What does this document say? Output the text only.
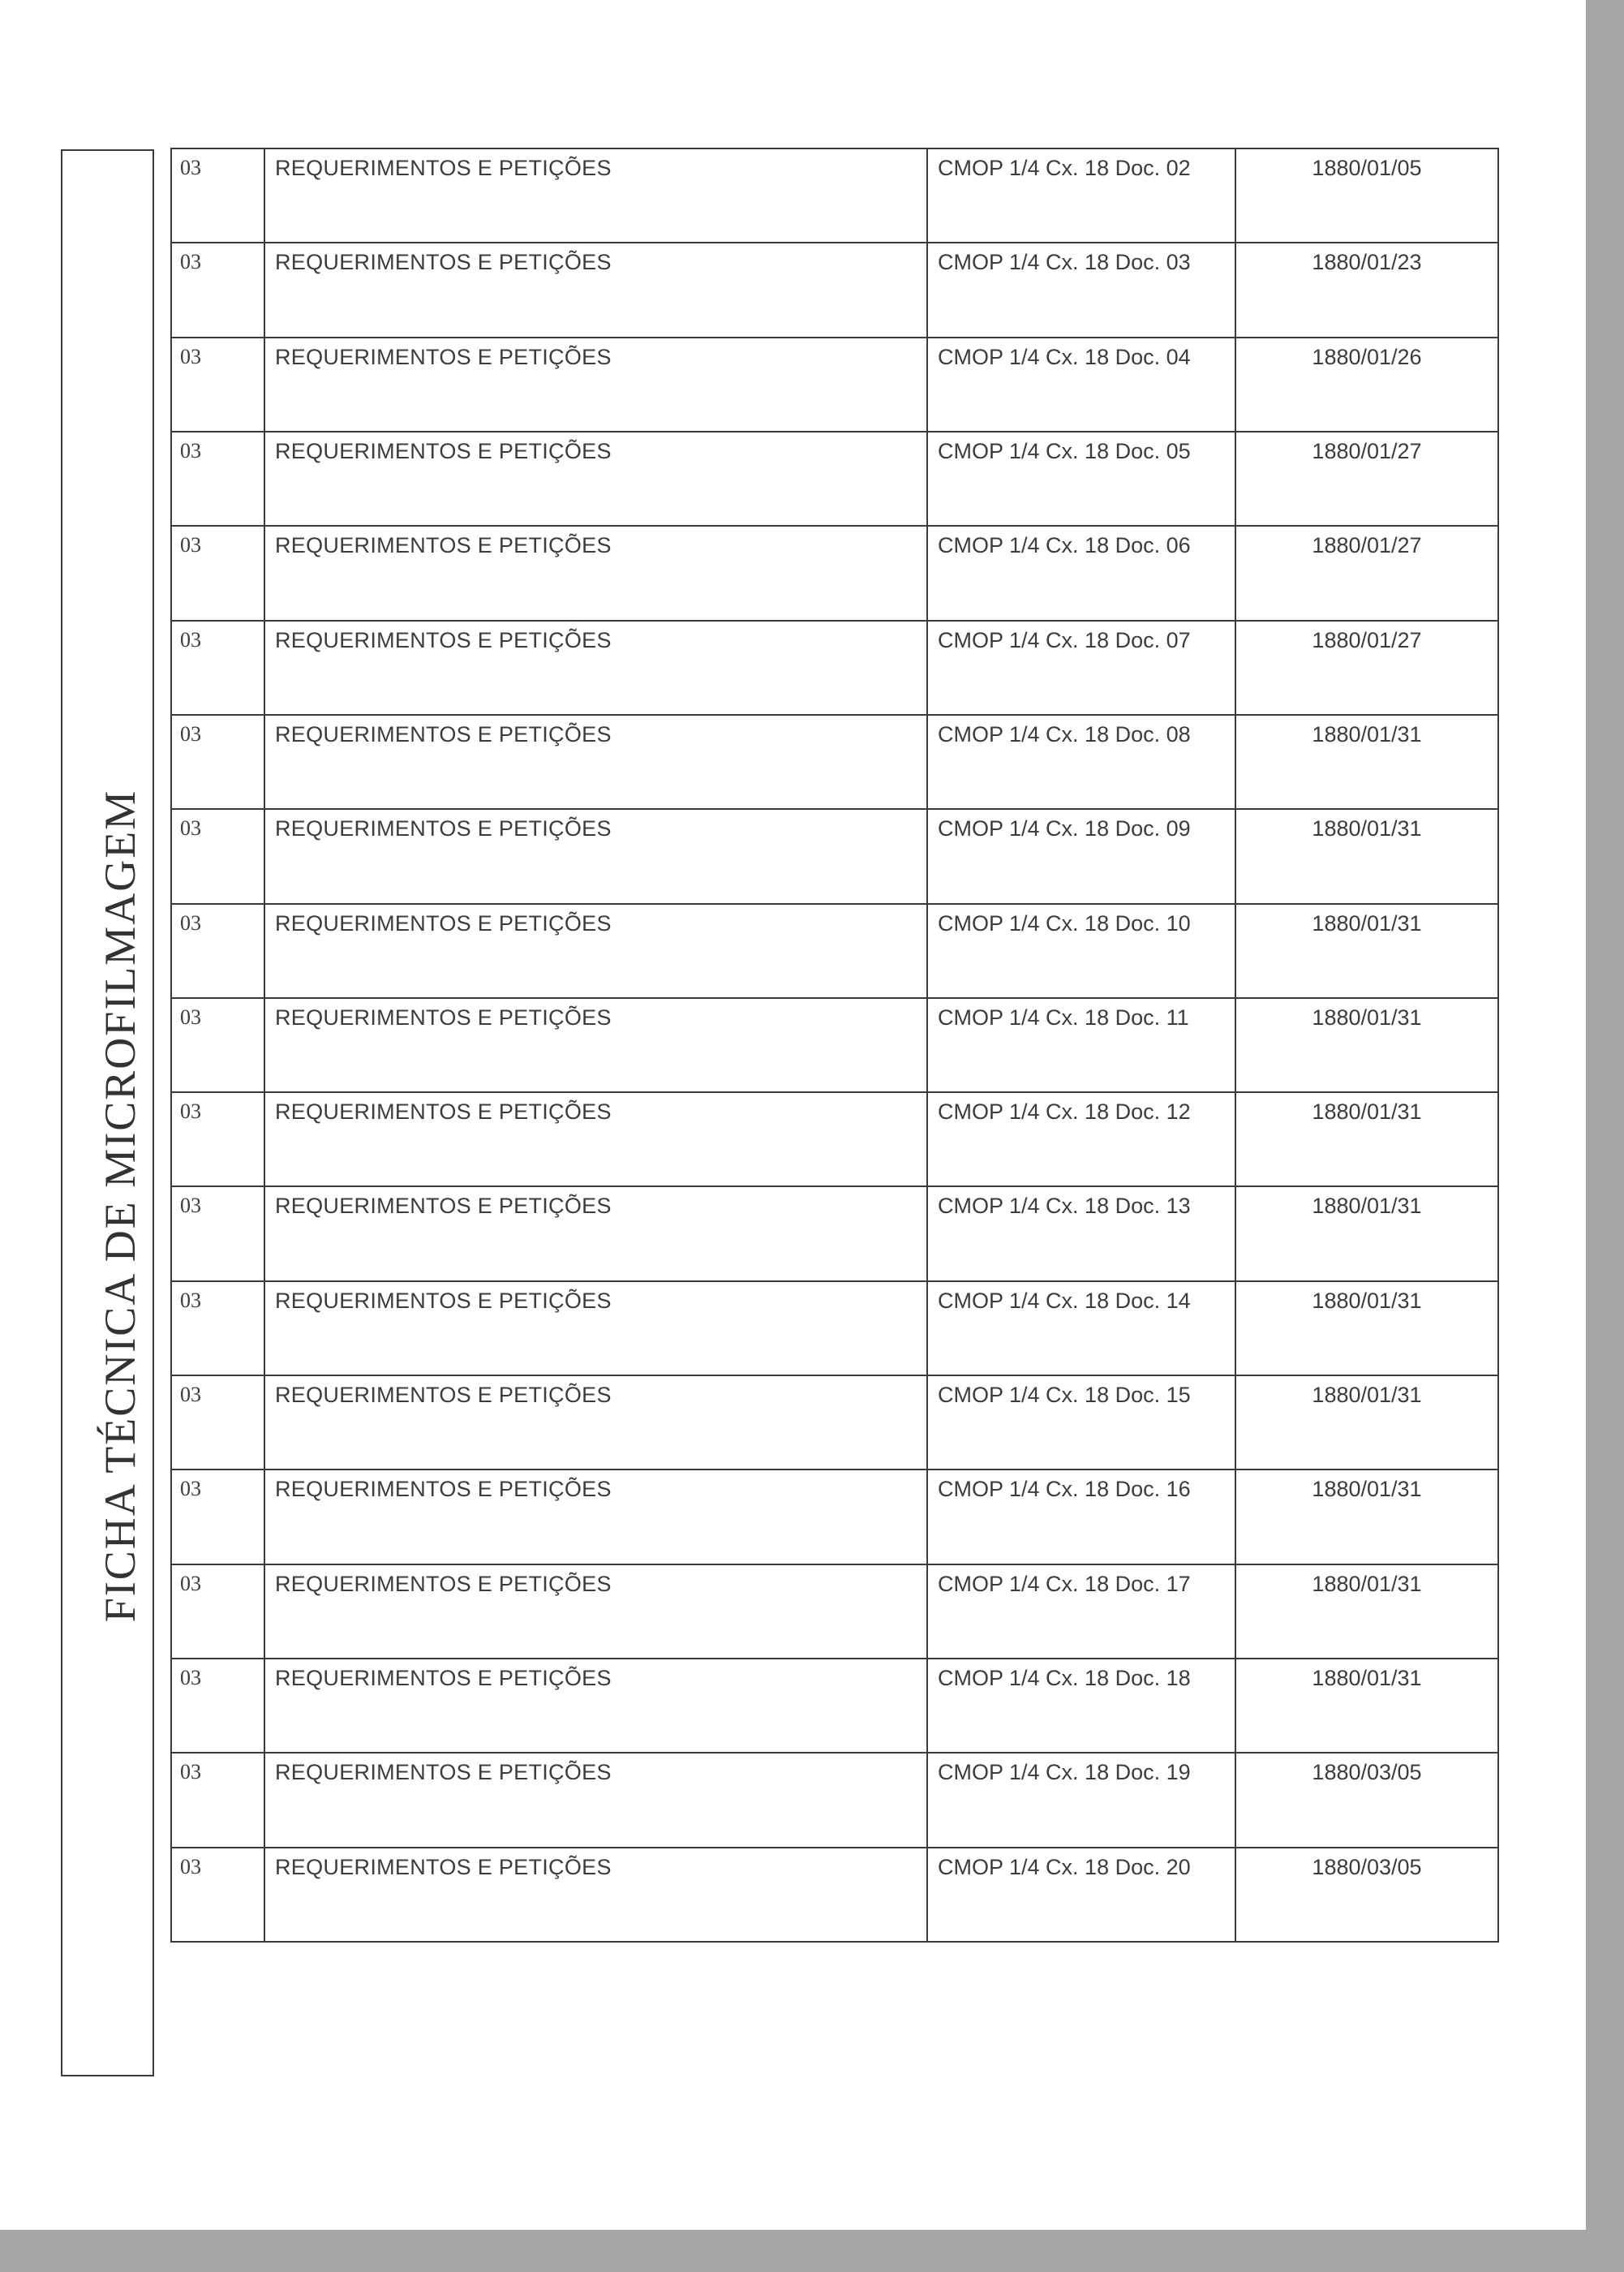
FICHA TÉCNICA DE MICROFILMAGEM
03	REQUERIMENTOS E PETIÇÕES	CMOP 1/4 Cx. 18 Doc. 02	1880/01/05
03	REQUERIMENTOS E PETIÇÕES	CMOP 1/4 Cx. 18 Doc. 03	1880/01/23
03	REQUERIMENTOS E PETIÇÕES	CMOP 1/4 Cx. 18 Doc. 04	1880/01/26
03	REQUERIMENTOS E PETIÇÕES	CMOP 1/4 Cx. 18 Doc. 05	1880/01/27
03	REQUERIMENTOS E PETIÇÕES	CMOP 1/4 Cx. 18 Doc. 06	1880/01/27
03	REQUERIMENTOS E PETIÇÕES	CMOP 1/4 Cx. 18 Doc. 07	1880/01/27
03	REQUERIMENTOS E PETIÇÕES	CMOP 1/4 Cx. 18 Doc. 08	1880/01/31
03	REQUERIMENTOS E PETIÇÕES	CMOP 1/4 Cx. 18 Doc. 09	1880/01/31
03	REQUERIMENTOS E PETIÇÕES	CMOP 1/4 Cx. 18 Doc. 10	1880/01/31
03	REQUERIMENTOS E PETIÇÕES	CMOP 1/4 Cx. 18 Doc. 11	1880/01/31
03	REQUERIMENTOS E PETIÇÕES	CMOP 1/4 Cx. 18 Doc. 12	1880/01/31
03	REQUERIMENTOS E PETIÇÕES	CMOP 1/4 Cx. 18 Doc. 13	1880/01/31
03	REQUERIMENTOS E PETIÇÕES	CMOP 1/4 Cx. 18 Doc. 14	1880/01/31
03	REQUERIMENTOS E PETIÇÕES	CMOP 1/4 Cx. 18 Doc. 15	1880/01/31
03	REQUERIMENTOS E PETIÇÕES	CMOP 1/4 Cx. 18 Doc. 16	1880/01/31
03	REQUERIMENTOS E PETIÇÕES	CMOP 1/4 Cx. 18 Doc. 17	1880/01/31
03	REQUERIMENTOS E PETIÇÕES	CMOP 1/4 Cx. 18 Doc. 18	1880/01/31
03	REQUERIMENTOS E PETIÇÕES	CMOP 1/4 Cx. 18 Doc. 19	1880/03/05
03	REQUERIMENTOS E PETIÇÕES	CMOP 1/4 Cx. 18 Doc. 20	1880/03/05
